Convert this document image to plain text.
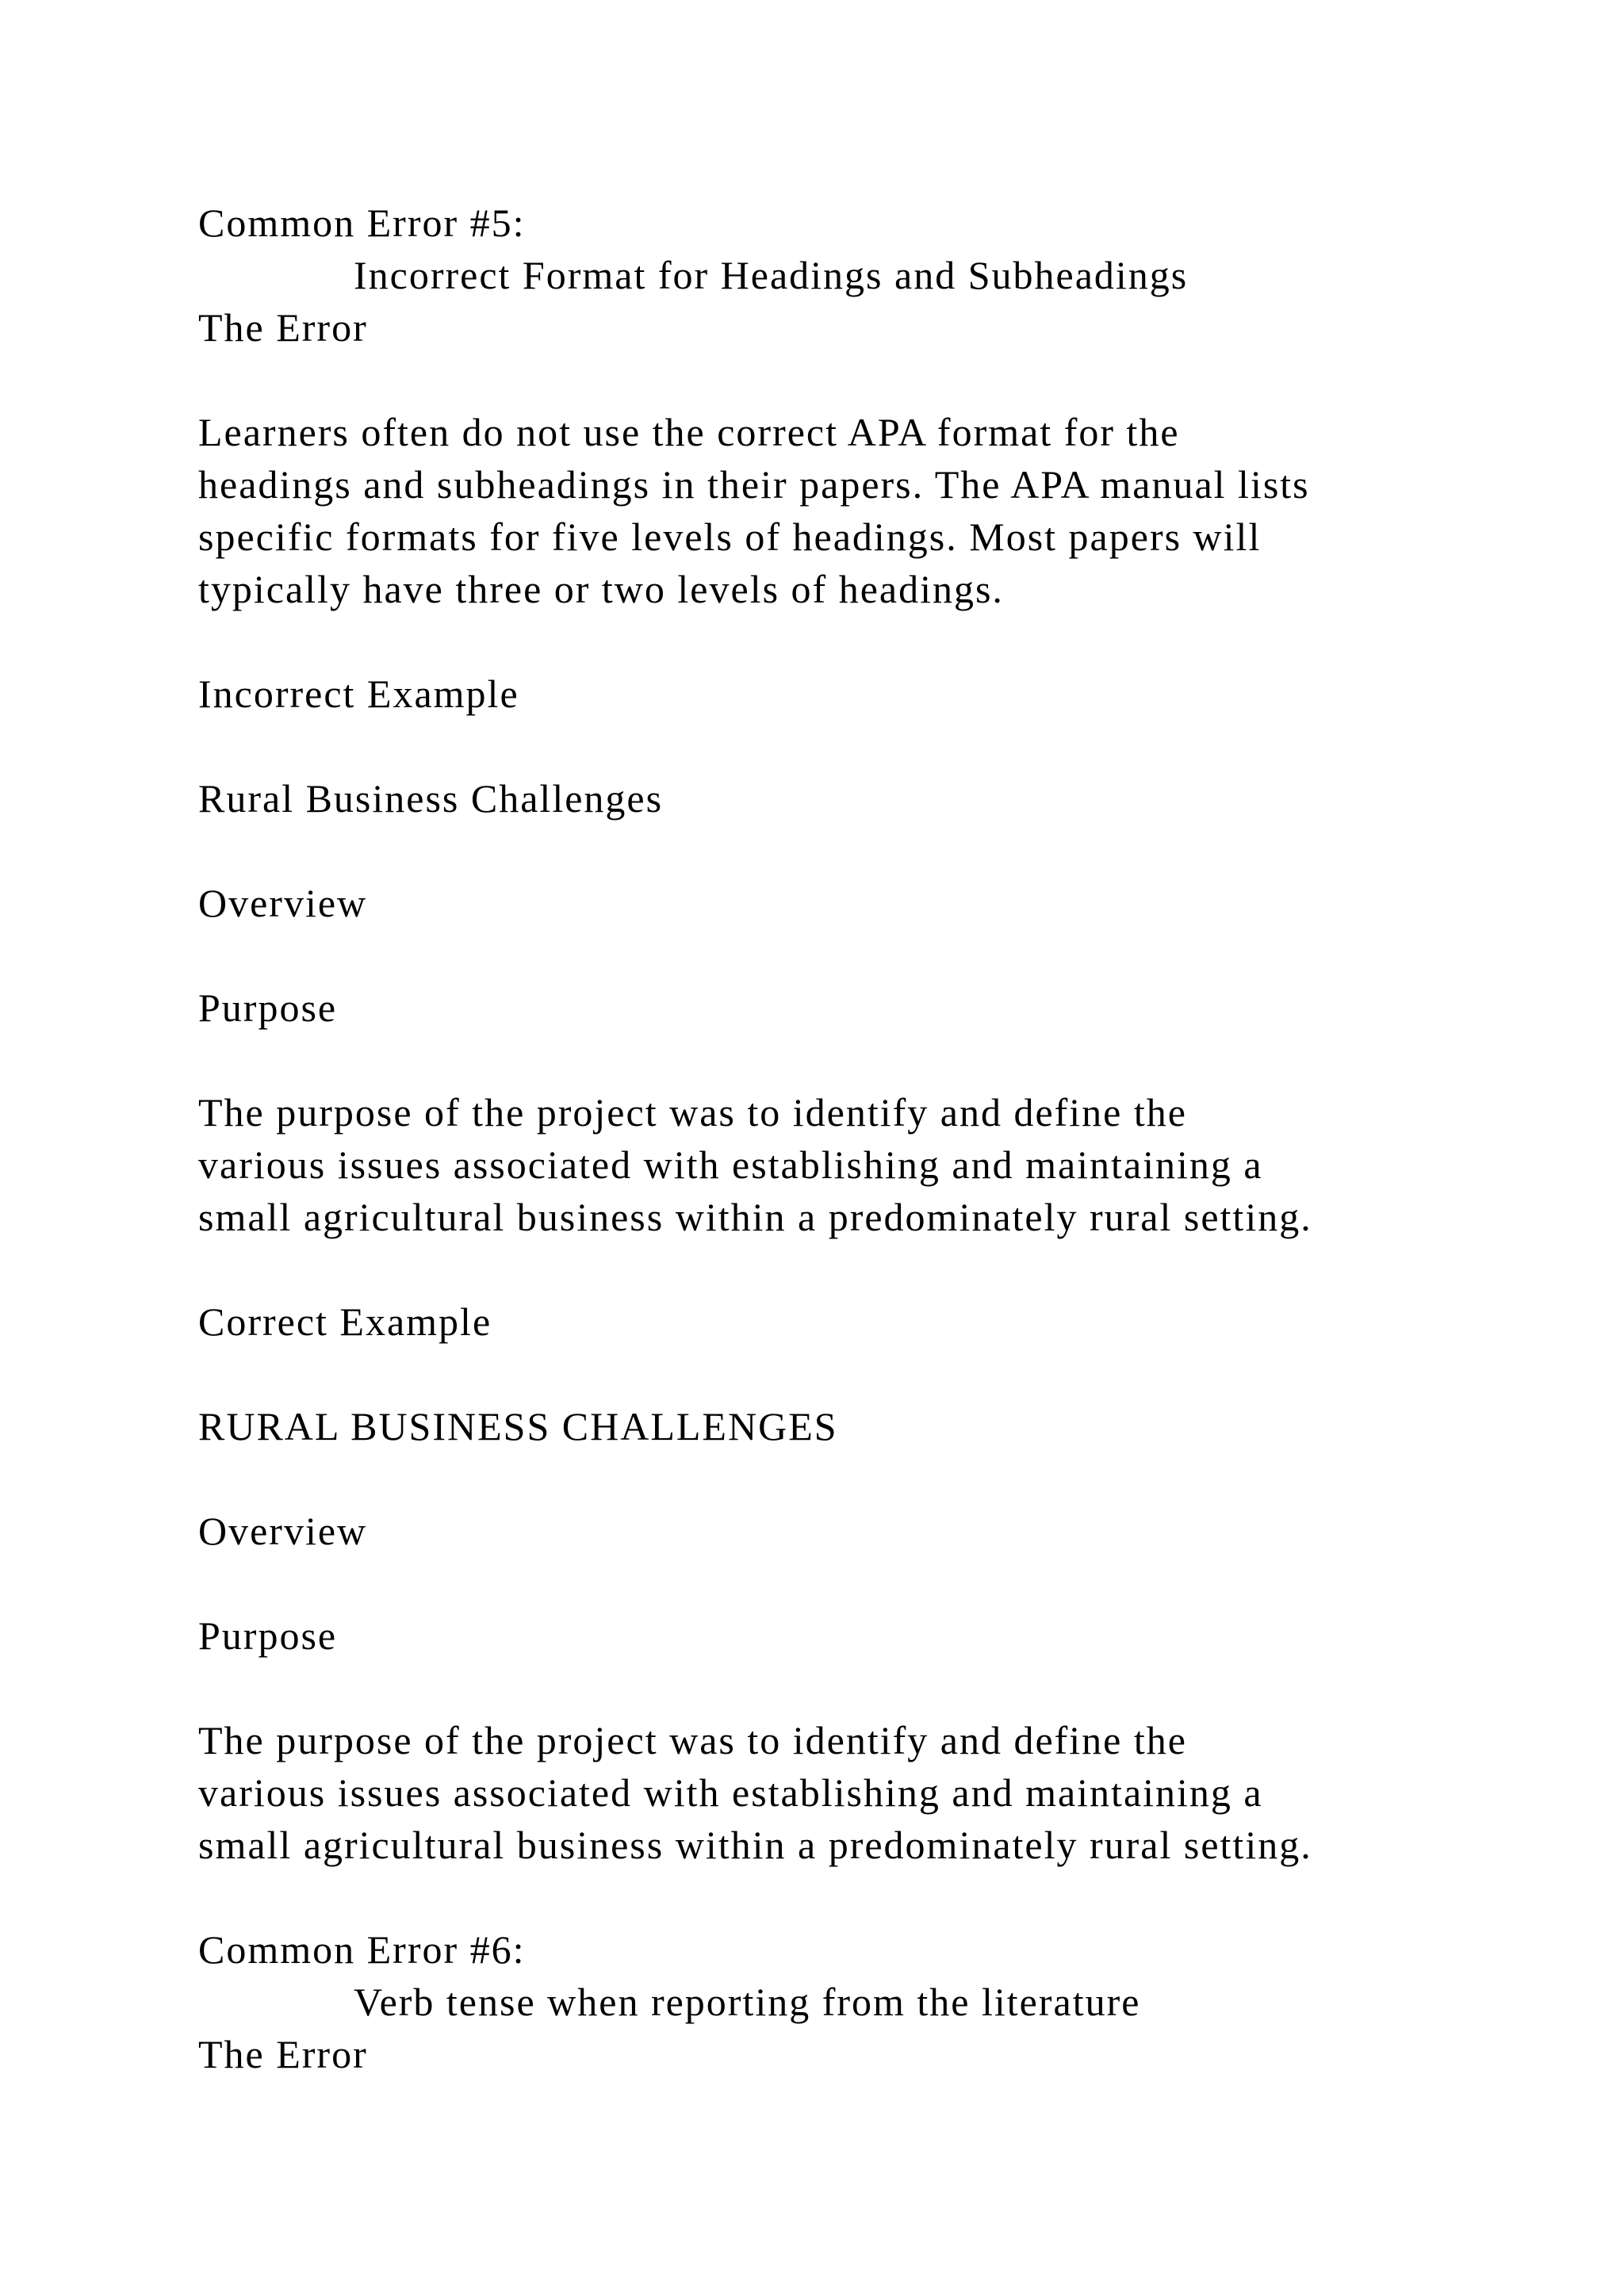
Common Error #5:
Incorrect Format for Headings and Subheadings
The Error
Learners often do not use the correct APA format for the
headings and subheadings in their papers. The APA manual lists
specific formats for five levels of headings. Most papers will
typically have three or two levels of headings.
Incorrect Example
Rural Business Challenges
Overview
Purpose
The purpose of the project was to identify and define the
various issues associated with establishing and maintaining a
small agricultural business within a predominately rural setting.
Correct Example
RURAL BUSINESS CHALLENGES
Overview
Purpose
The purpose of the project was to identify and define the
various issues associated with establishing and maintaining a
small agricultural business within a predominately rural setting.
Common Error #6:
Verb tense when reporting from the literature
The Error
